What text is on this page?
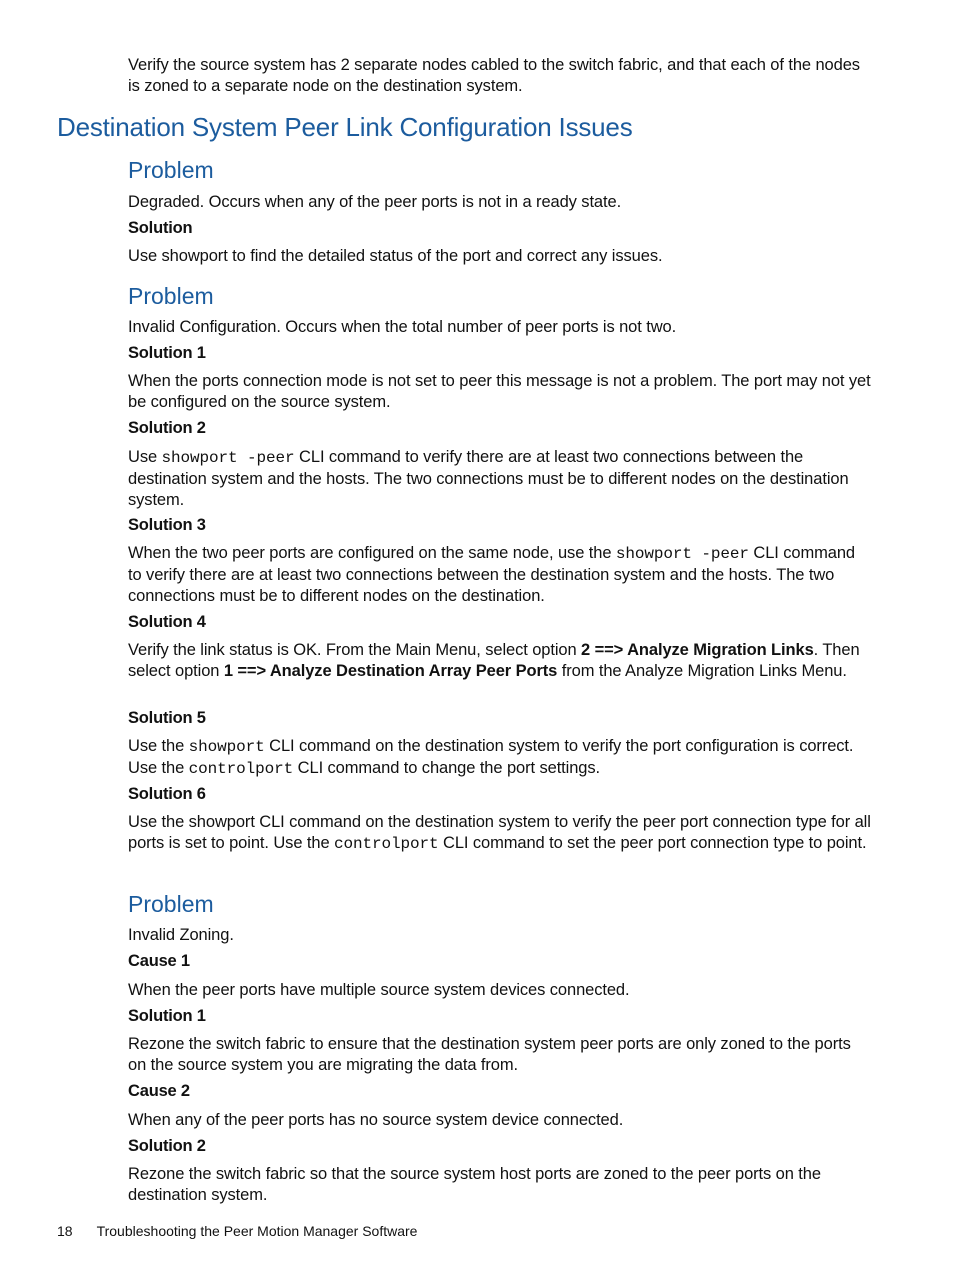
Verify the source system has 2 separate nodes cabled to the switch fabric, and that each of the nodes is zoned to a separate node on the destination system.

Destination System Peer Link Configuration Issues
Problem

Degraded. Occurs when any of the peer ports is not in a ready state.

Solution

Use showport to find the detailed status of the port and correct any issues.

Problem

Invalid Configuration. Occurs when the total number of peer ports is not two.

Solution 1

When the ports connection mode is not set to peer this message is not a problem. The port may not yet be configured on the source system.

Solution 2

Use showport -peer CLI command to verify there are at least two connections between the destination system and the hosts. The two connections must be to different nodes on the destination system.

Solution 3

When the two peer ports are configured on the same node, use the showport -peer CLI command to verify there are at least two connections between the destination system and the hosts. The two connections must be to different nodes on the destination.

Solution 4

Verify the link status is OK. From the Main Menu, select option 2 ==> Analyze Migration Links. Then select option 1 ==> Analyze Destination Array Peer Ports from the Analyze Migration Links Menu.

Solution 5

Use the showport CLI command on the destination system to verify the port configuration is correct. Use the controlport CLI command to change the port settings.

Solution 6

Use the showport CLI command on the destination system to verify the peer port connection type for all ports is set to point. Use the controlport CLI command to set the peer port connection type to point.

Problem

Invalid Zoning.

Cause 1

When the peer ports have multiple source system devices connected.

Solution 1

Rezone the switch fabric to ensure that the destination system peer ports are only zoned to the ports on the source system you are migrating the data from.

Cause 2

When any of the peer ports has no source system device connected.

Solution 2

Rezone the switch fabric so that the source system host ports are zoned to the peer ports on the destination system.

18 Troubleshooting the Peer Motion Manager Software
